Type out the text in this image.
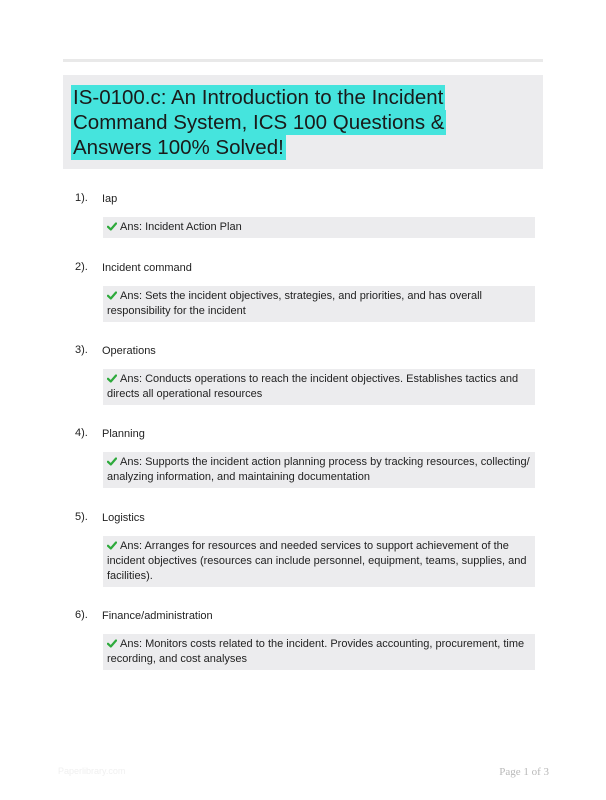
IS-0100.c: An Introduction to the Incident Command System, ICS 100 Questions & Answers 100% Solved!
1). Iap
Ans: Incident Action Plan
2). Incident command
Ans: Sets the incident objectives, strategies, and priorities, and has overall responsibility for the incident
3). Operations
Ans: Conducts operations to reach the incident objectives. Establishes tactics and directs all operational resources
4). Planning
Ans: Supports the incident action planning process by tracking resources, collecting/ analyzing information, and maintaining documentation
5). Logistics
Ans: Arranges for resources and needed services to support achievement of the incident objectives (resources can include personnel, equipment, teams, supplies, and facilities).
6). Finance/administration
Ans: Monitors costs related to the incident. Provides accounting, procurement, time recording, and cost analyses
Paperlibrary.com	Page 1 of 3
